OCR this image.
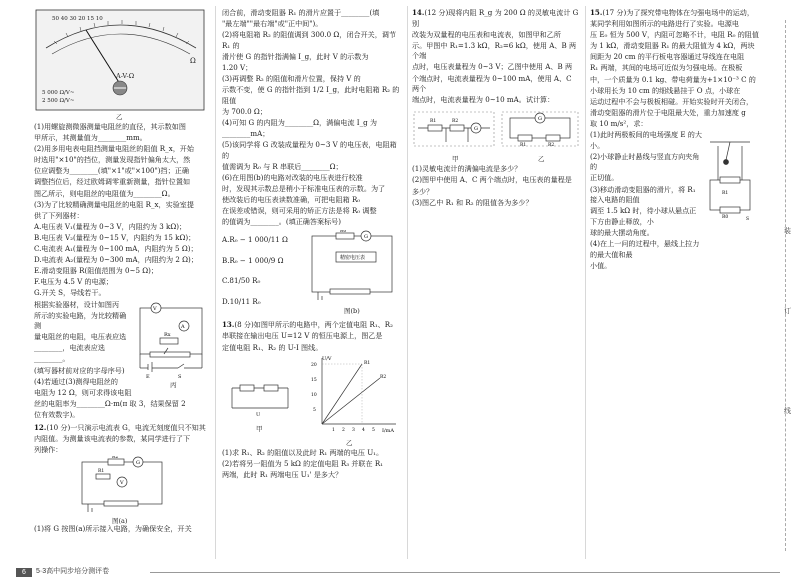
A-V-Ω
50 40 30 20 15 10
Ω
5 000 Ω/V~
2 500 Ω/V~
乙

(1)用螺旋测微器测量电阻丝的直径，其示数如图

甲所示，其测量值为________mm。

(2)用多用电表电阻挡测量电阻丝的阻值 R_x，开始

时选用"×10"的挡位，测量发现指针偏角太大，然

位应调整为________(填"×1"或"×100")挡；正确

调整挡位后，经过欧姆调零重新测量，指针位置如

图乙所示，则电阻丝的电阻值为________Ω。

(3)为了比较精确测量电阻丝的电阻 R_x，实验室提

供了下列器材：

A.电压表 V₁(量程为 0~3 V，内阻约为 3 kΩ)；

B.电压表 V₂(量程为 0~15 V，内阻约为 15 kΩ)；

C.电流表 A₁(量程为 0~100 mA，内阻约为 5 Ω)；

D.电流表 A₂(量程为 0~300 mA，内阻约为 2 Ω)；

E.滑动变阻器 R(阻值范围为 0~5 Ω)；

F.电压为 4.5 V 的电源；

G.开关 S，导线若干。

根据实验器材，设计如图丙

所示的实验电路，为比较精确测

量电阻丝的电阻，电压表应选

________，电流表应选

________。

(填写器材前对应的字母序号)

(4)若通过(3)测得电阻丝的

电阻为 12 Ω，则可求得该电阻

V
A
Rx
E	S
丙

丝的电阻率为________Ω·m(π 取 3，结果保留 2

位有效数字)。

12.(10 分)一只演示电流表 G，电流无刻度值只不知其

内阻值。为测量该电流表的参数，某同学进行了下

列操作：

G
V
R2
R1
图(a)

(1)将 G 按图(a)所示接入电路，为确保安全，开关

闭合前，滑动变阻器 R₁ 的滑片应置于________(填

"最左端""最右端"或"正中间")。

(2)将电阻箱 R₂ 的阻值调到 300.0 Ω，闭合开关，调节 R₁ 的

滑片使 G 的指针指满偏 I_g，此时 V 的示数为

1.20 V；

(3)再调整 R₂ 的阻值和滑片位置，保持 V 的

示数不变，使 G 的指针指到 1/2 I_g，此时电阻箱 R₂ 的阻值

为 700.0 Ω；

(4)可知 G 的内阻为________Ω，满偏电流 I_g 为

________mA；

(5)该同学将 G 改装成量程为 0~3 V 的电压表，电阻箱的

值需调为 R₀ 与 R 串联后________Ω；

(6)在用图(b)的电路对改装的电压表进行校准

时，发现其示数总是稍小于标准电压表的示数。为了

使改装后的电压表读数准确，可把电阻箱 R₀

在误差或错误，则可采用的矫正方法是将 R₀ 调整

的值调为________。(填正确答案标号)

A.R₀ − 1 000/11 Ω

B.R₀ − 1 000/9 Ω

C.81/50 R₀

D.10/11 R₀

G
R0
精密电压表
图(b)

13.(8 分)如图甲所示的电路中，两个定值电阻 R₁、R₂

串联接在输出电压 U=12 V 的恒压电源上，图乙是

定值电阻 R₁、R₂ 的 U-I 图线。

U
甲
U/V
I/mA
20
15
10
5
1 2 3 4 5
R1
R2
乙

(1)求 R₁、R₂ 的阻值以及此时 R₁ 两端的电压 U₁。

(2)若将另一阻值为 5 kΩ 的定值电阻 R₃ 并联在 R₁

两端，此时 R₁ 两端电压 U₁' 是多大？

14.(12 分)现将内阻 R_g 为 200 Ω 的灵敏电流计 G 别

改装为双量程的电压表和电流表，如图甲和乙所

示。甲图中 R₁=1.3 kΩ，R₂=6 kΩ，使用 A、B 两个端

点时，电压表量程为 0~3 V；乙图中使用 A、B 两

个端点时，电流表量程为 0~100 mA，使用 A、C 两个

端点时，电流表量程为 0~10 mA。试计算：

R1	R2
G
甲
G
R1	R2
乙

(1)灵敏电流计的满偏电流是多少？

(2)图甲中使用 A、C 两个端点时，电压表的量程是

多少？

(3)图乙中 R₁ 和 R₂ 的阻值各为多少？

15.(17 分)为了探究带电物体在匀强电场中的运动，

某同学利用如图所示的电路进行了实验。电源电

压 E₀ 恒为 500 V，内阻可忽略不计，电阻 R₀ 的阻值

为 1 kΩ，滑动变阻器 R₁ 的最大阻值为 4 kΩ，两块

间距为 20 cm 的平行板电容器通过导线连在电阻

R₁ 两端，其间的电场可近似为匀强电场。在极板

中，一个质量为 0.1 kg、带电荷量为+1×10⁻³ C 的

小球用长为 10 cm 的细线悬挂于 O 点，小球在

运动过程中不会与极板相碰。开始实验时开关闭合，

滑动变阻器的滑片位于电阻最大处，重力加速度 g

取 10 m/s²，求：

(1)此时两极板间的电场强度 E 的大小。

(2)小球静止时悬线与竖直方向夹角的

正切值。

(3)移动滑动变阻器的滑片，将 R₁ 接入电路的阻值

调至 1.5 kΩ 时，待小球从悬点正下方由静止释放，小

球的最大摆动角度。

(4)在上一问的过程中，悬线上拉力的最大值和最

小值。

R1
R0	S
装
订
线
6	5·3高中同步培分测评卷
